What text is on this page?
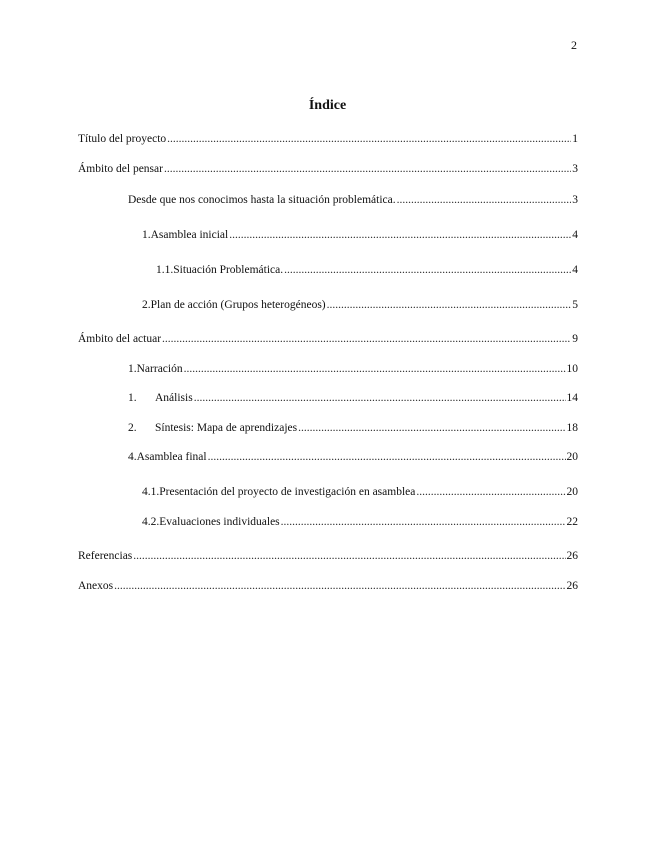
2
Índice
Título del proyecto .....	1
Ámbito del pensar .....	3
Desde que nos conocimos hasta la situación problemática. .....	3
1. Asamblea inicial .....	4
1.1. Situación Problemática. .....	4
2. Plan de acción (Grupos heterogéneos) .....	5
Ámbito del actuar .....	9
1. Narración .....	10
1.	Análisis .....	14
2.	Síntesis: Mapa de aprendizajes .....	18
4. Asamblea final .....	20
4.1. Presentación del proyecto de investigación en asamblea .....	20
4.2. Evaluaciones individuales .....	22
Referencias .....	26
Anexos .....	26
